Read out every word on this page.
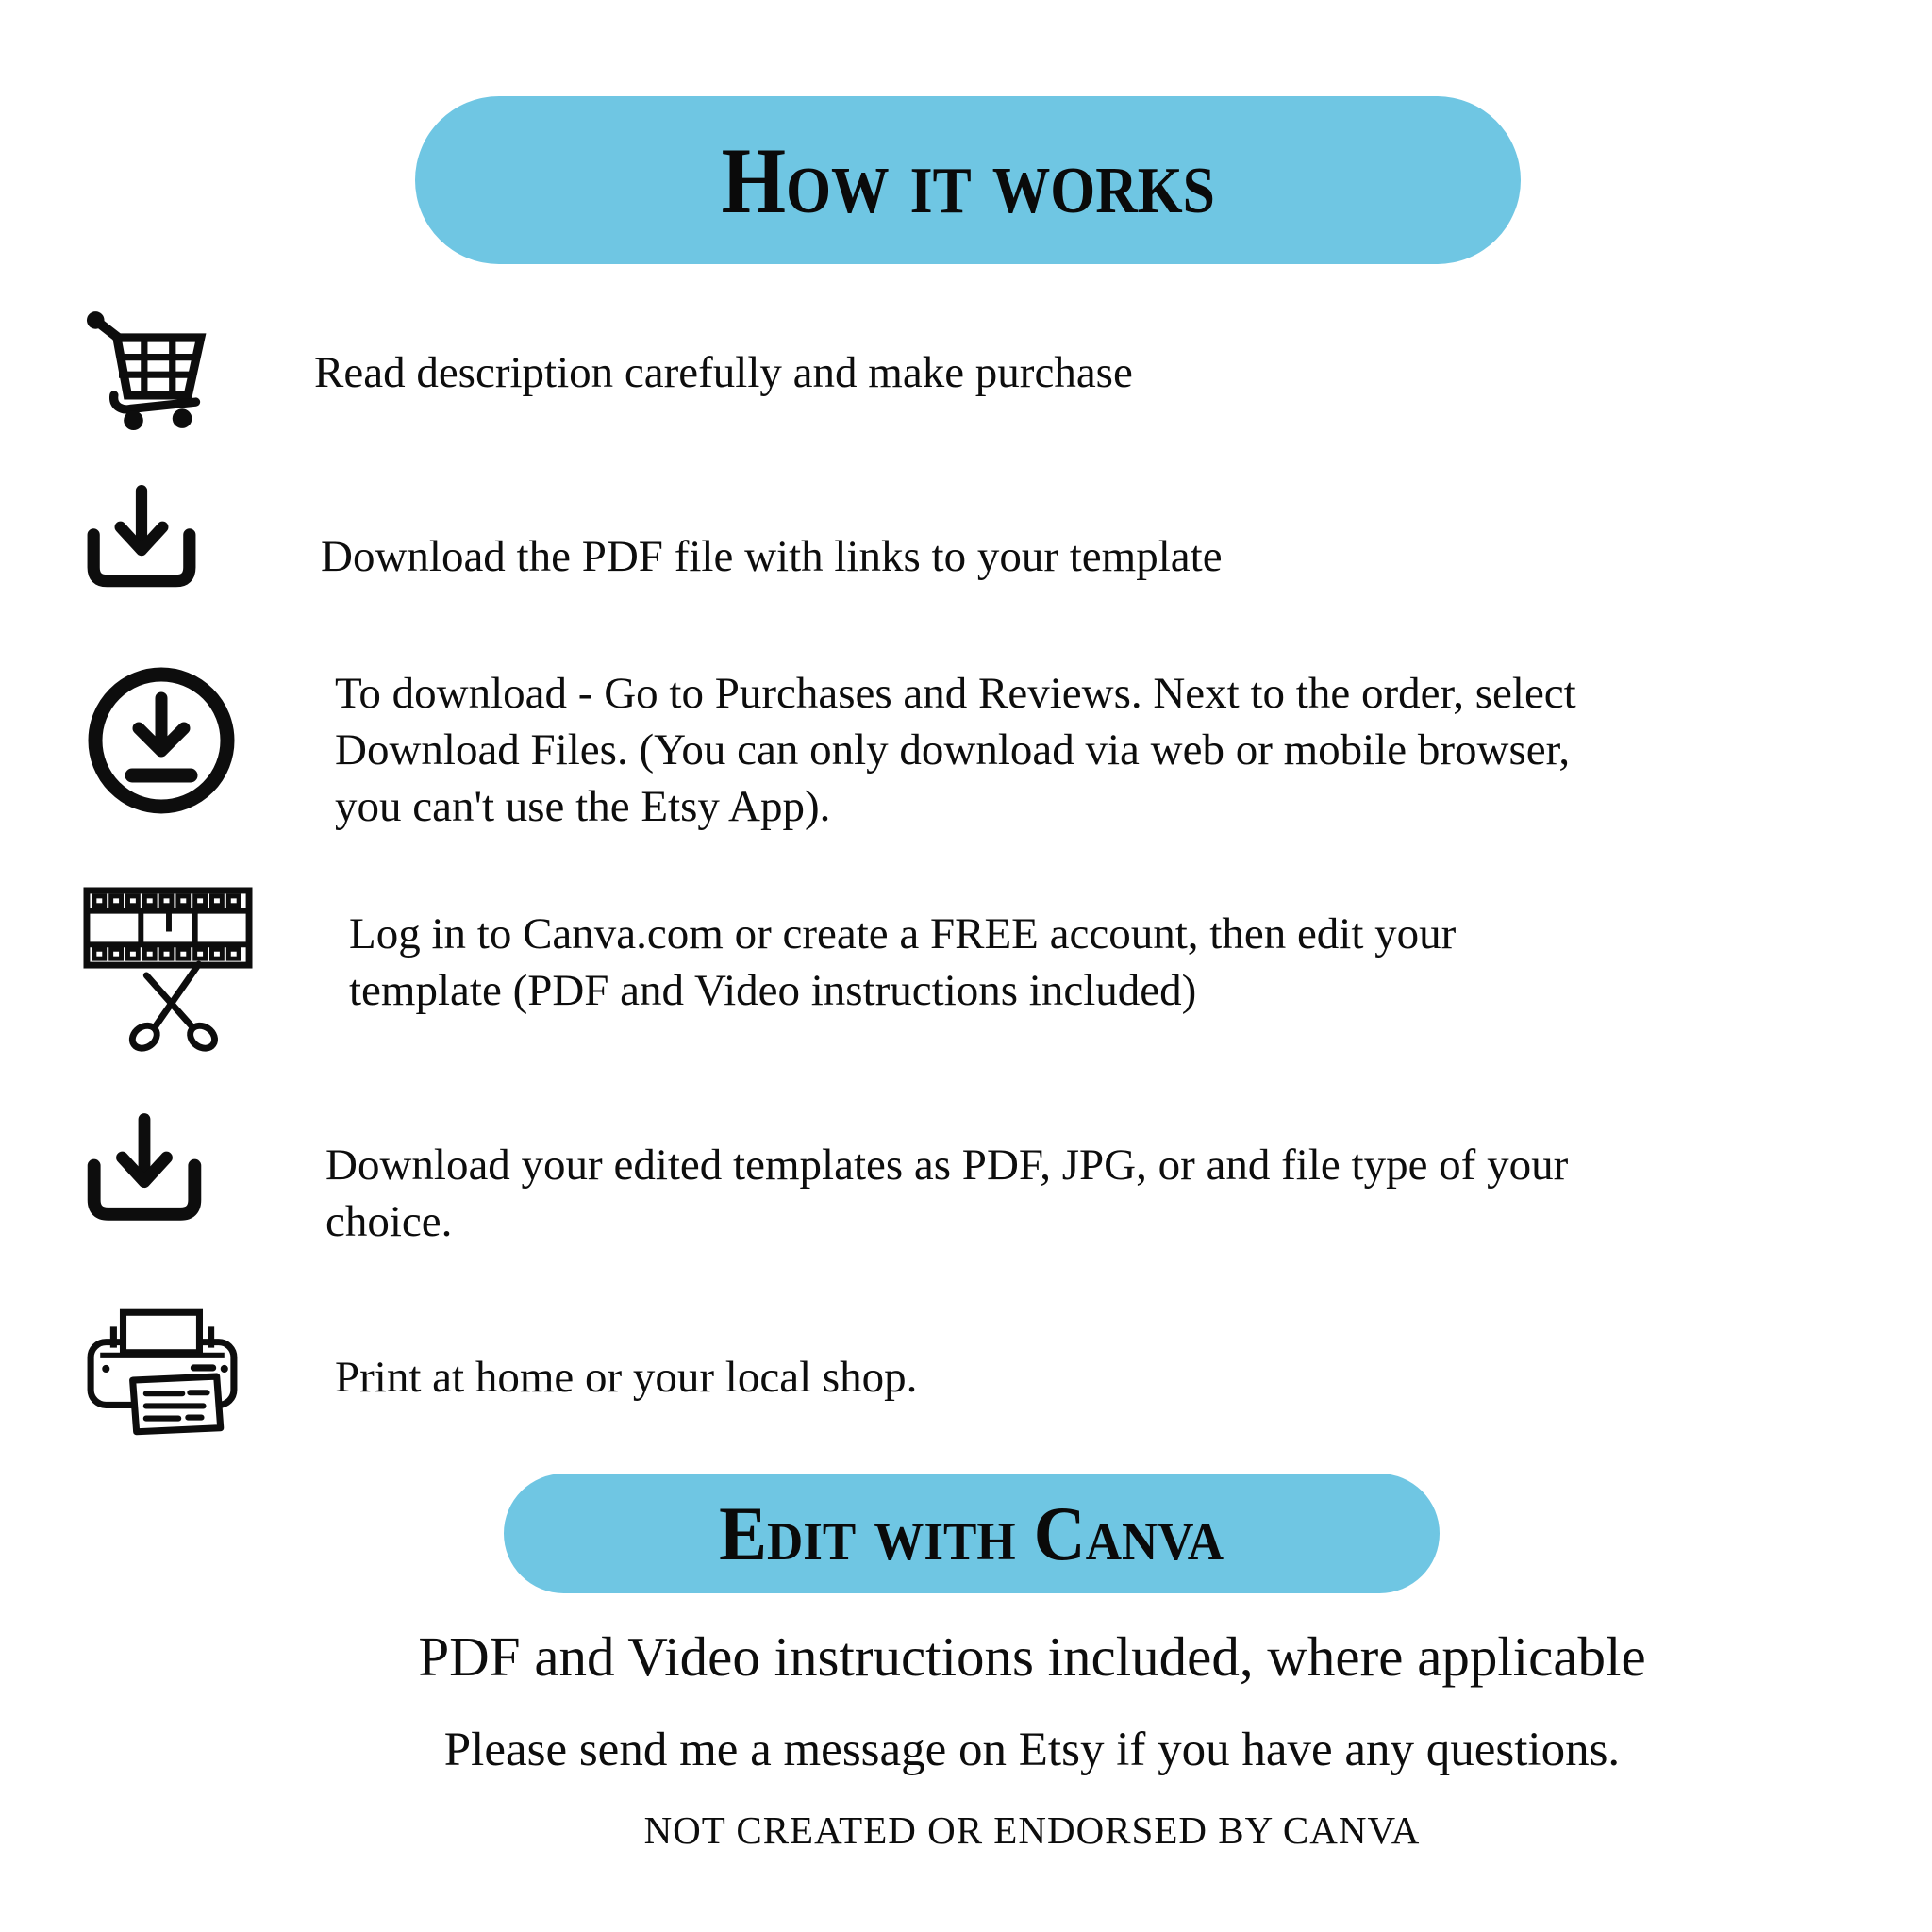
How it works
Read description carefully and make purchase
Download the PDF file with links to your template
To download - Go to Purchases and Reviews. Next to the order, select
Download Files. (You can only download via web or mobile browser,
you can't use the Etsy App).
Log in to Canva.com or create a FREE account, then edit your
template (PDF and Video instructions included)
Download your edited templates as PDF, JPG, or and file type of your
choice.
Print at home or your local shop.
Edit with Canva
PDF and Video instructions included, where applicable
Please send me a message on Etsy if you have any questions.
NOT CREATED OR ENDORSED BY CANVA
